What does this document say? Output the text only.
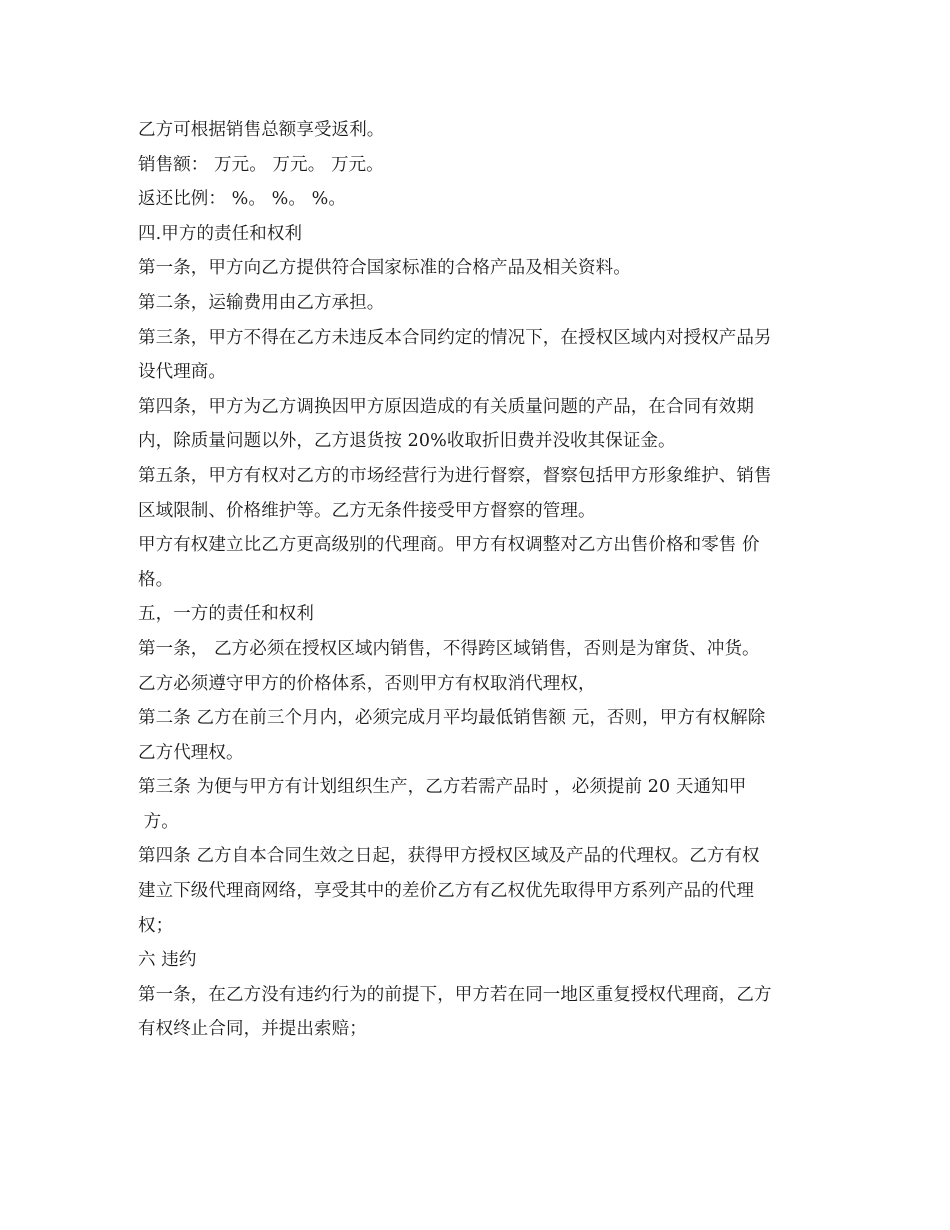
乙方可根据销售总额享受返利。
销售额： 万元。 万元。 万元。
返还比例： %。 %。 %。
四.甲方的责任和权利
第一条，甲方向乙方提供符合国家标准的合格产品及相关资料。
第二条，运输费用由乙方承担。
第三条，甲方不得在乙方未违反本合同约定的情况下，在授权区域内对授权产品另
设代理商。
第四条，甲方为乙方调换因甲方原因造成的有关质量问题的产品，在合同有效期
内，除质量问题以外，乙方退货按 20%收取折旧费并没收其保证金。
第五条，甲方有权对乙方的市场经营行为进行督察，督察包括甲方形象维护、销售
区域限制、价格维护等。乙方无条件接受甲方督察的管理。
甲方有权建立比乙方更高级别的代理商。甲方有权调整对乙方出售价格和零售 价
格。
五，一方的责任和权利
第一条， 乙方必须在授权区域内销售，不得跨区域销售，否则是为窜货、冲货。
乙方必须遵守甲方的价格体系，否则甲方有权取消代理权，
第二条 乙方在前三个月内，必须完成月平均最低销售额 元，否则，甲方有权解除
乙方代理权。
第三条 为便与甲方有计划组织生产，乙方若需产品时 ，必须提前 20 天通知甲
方。
第四条 乙方自本合同生效之日起，获得甲方授权区域及产品的代理权。乙方有权
建立下级代理商网络，享受其中的差价乙方有乙权优先取得甲方系列产品的代理
权；
六 违约
第一条，在乙方没有违约行为的前提下，甲方若在同一地区重复授权代理商，乙方
有权终止合同，并提出索赔；
